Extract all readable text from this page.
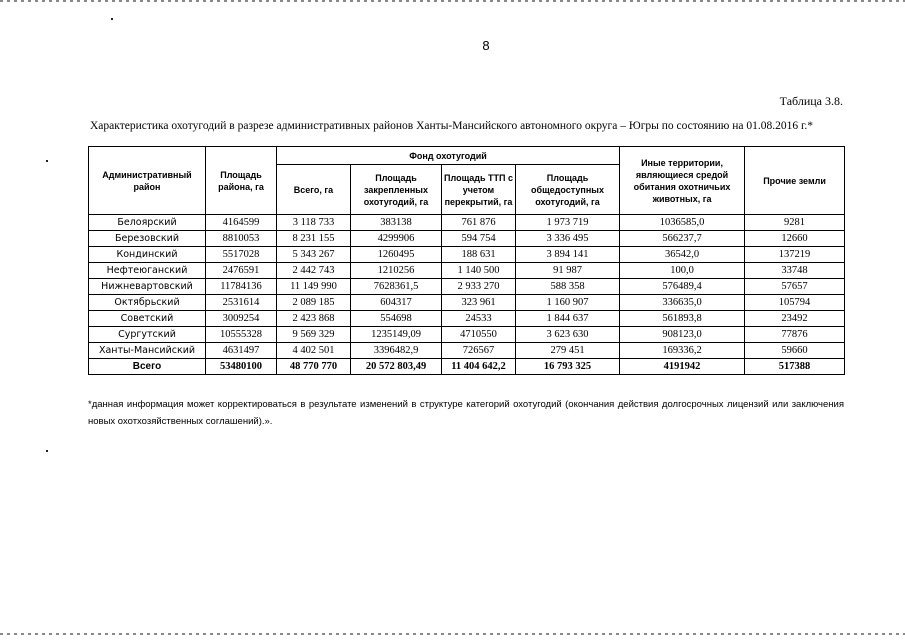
8
Таблица 3.8.
Характеристика охотугодий в разрезе административных районов Ханты-Мансийского автономного округа – Югры по состоянию на 01.08.2016 г.*
Административный район	Площадь района, га	Фонд охотугодий				Иные территории, являющиеся средой обитания охотничьих животных, га	Прочие земли
		Всего, га	Площадь закрепленных охотугодий, га	Площадь ТТП с учетом перекрытий, га	Площадь общедоступных охотугодий, га		
Белоярский	4164599	3 118 733	383138	761 876	1 973 719	1036585,0	9281
Березовский	8810053	8 231 155	4299906	594 754	3 336 495	566237,7	12660
Кондинский	5517028	5 343 267	1260495	188 631	3 894 141	36542,0	137219
Нефтеюганский	2476591	2 442 743	1210256	1 140 500	91 987	100,0	33748
Нижневартовский	11784136	11 149 990	7628361,5	2 933 270	588 358	576489,4	57657
Октябрьский	2531614	2 089 185	604317	323 961	1 160 907	336635,0	105794
Советский	3009254	2 423 868	554698	24533	1 844 637	561893,8	23492
Сургутский	10555328	9 569 329	1235149,09	4710550	3 623 630	908123,0	77876
Ханты-Мансийский	4631497	4 402 501	3396482,9	726567	279 451	169336,2	59660
Всего	53480100	48 770 770	20 572 803,49	11 404 642,2	16 793 325	4191942	517388
*данная информация может корректироваться в результате изменений в структуре категорий охотугодий (окончания действия долгосрочных лицензий или заключения новых охотхозяйственных соглашений).».
